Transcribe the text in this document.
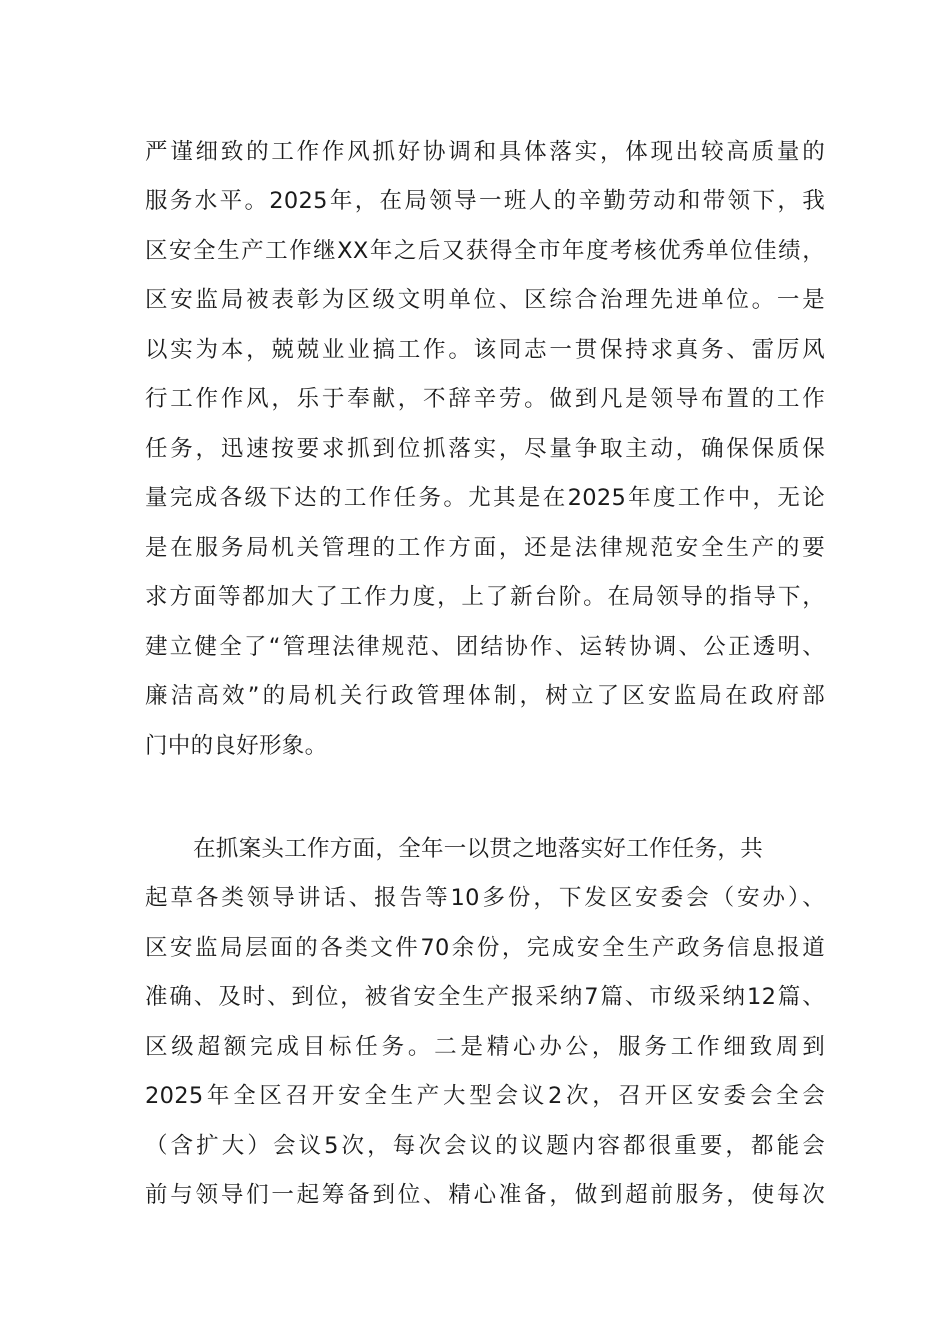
严谨细致的工作作风抓好协调和具体落实，体现出较高质量的
服务水平。2025年，在局领导一班人的辛勤劳动和带领下，我
区安全生产工作继XX年之后又获得全市年度考核优秀单位佳绩，
区安监局被表彰为区级文明单位、区综合治理先进单位。一是
以实为本，兢兢业业搞工作。该同志一贯保持求真务、雷厉风
行工作作风，乐于奉献，不辞辛劳。做到凡是领导布置的工作
任务，迅速按要求抓到位抓落实，尽量争取主动，确保保质保
量完成各级下达的工作任务。尤其是在2025年度工作中，无论
是在服务局机关管理的工作方面，还是法律规范安全生产的要
求方面等都加大了工作力度，上了新台阶。在局领导的指导下，
建立健全了“管理法律规范、团结协作、运转协调、公正透明、
廉洁高效”的局机关行政管理体制，树立了区安监局在政府部
门中的良好形象。
在抓案头工作方面，全年一以贯之地落实好工作任务，共
起草各类领导讲话、报告等10多份，下发区安委会（安办）、
区安监局层面的各类文件70余份，完成安全生产政务信息报道
准确、及时、到位，被省安全生产报采纳7篇、市级采纳12篇、
区级超额完成目标任务。二是精心办公，服务工作细致周到
2025年全区召开安全生产大型会议2次，召开区安委会全会
（含扩大）会议5次，每次会议的议题内容都很重要，都能会
前与领导们一起筹备到位、精心准备，做到超前服务，使每次
